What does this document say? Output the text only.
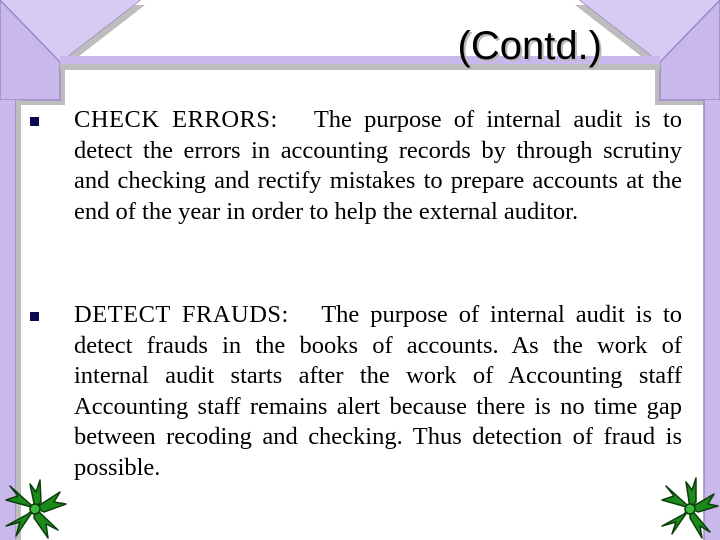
(Contd.)

CHECK ERRORS: The purpose of internal audit is to detect the errors in accounting records by through scrutiny and checking and rectify mistakes to prepare accounts at the end of the year in order to help the external auditor.

DETECT FRAUDS: The purpose of internal audit is to detect frauds in the books of accounts. As the work of internal audit starts after the work of Accounting staff Accounting staff remains alert because there is no time gap between recoding and checking. Thus detection of fraud is possible.
